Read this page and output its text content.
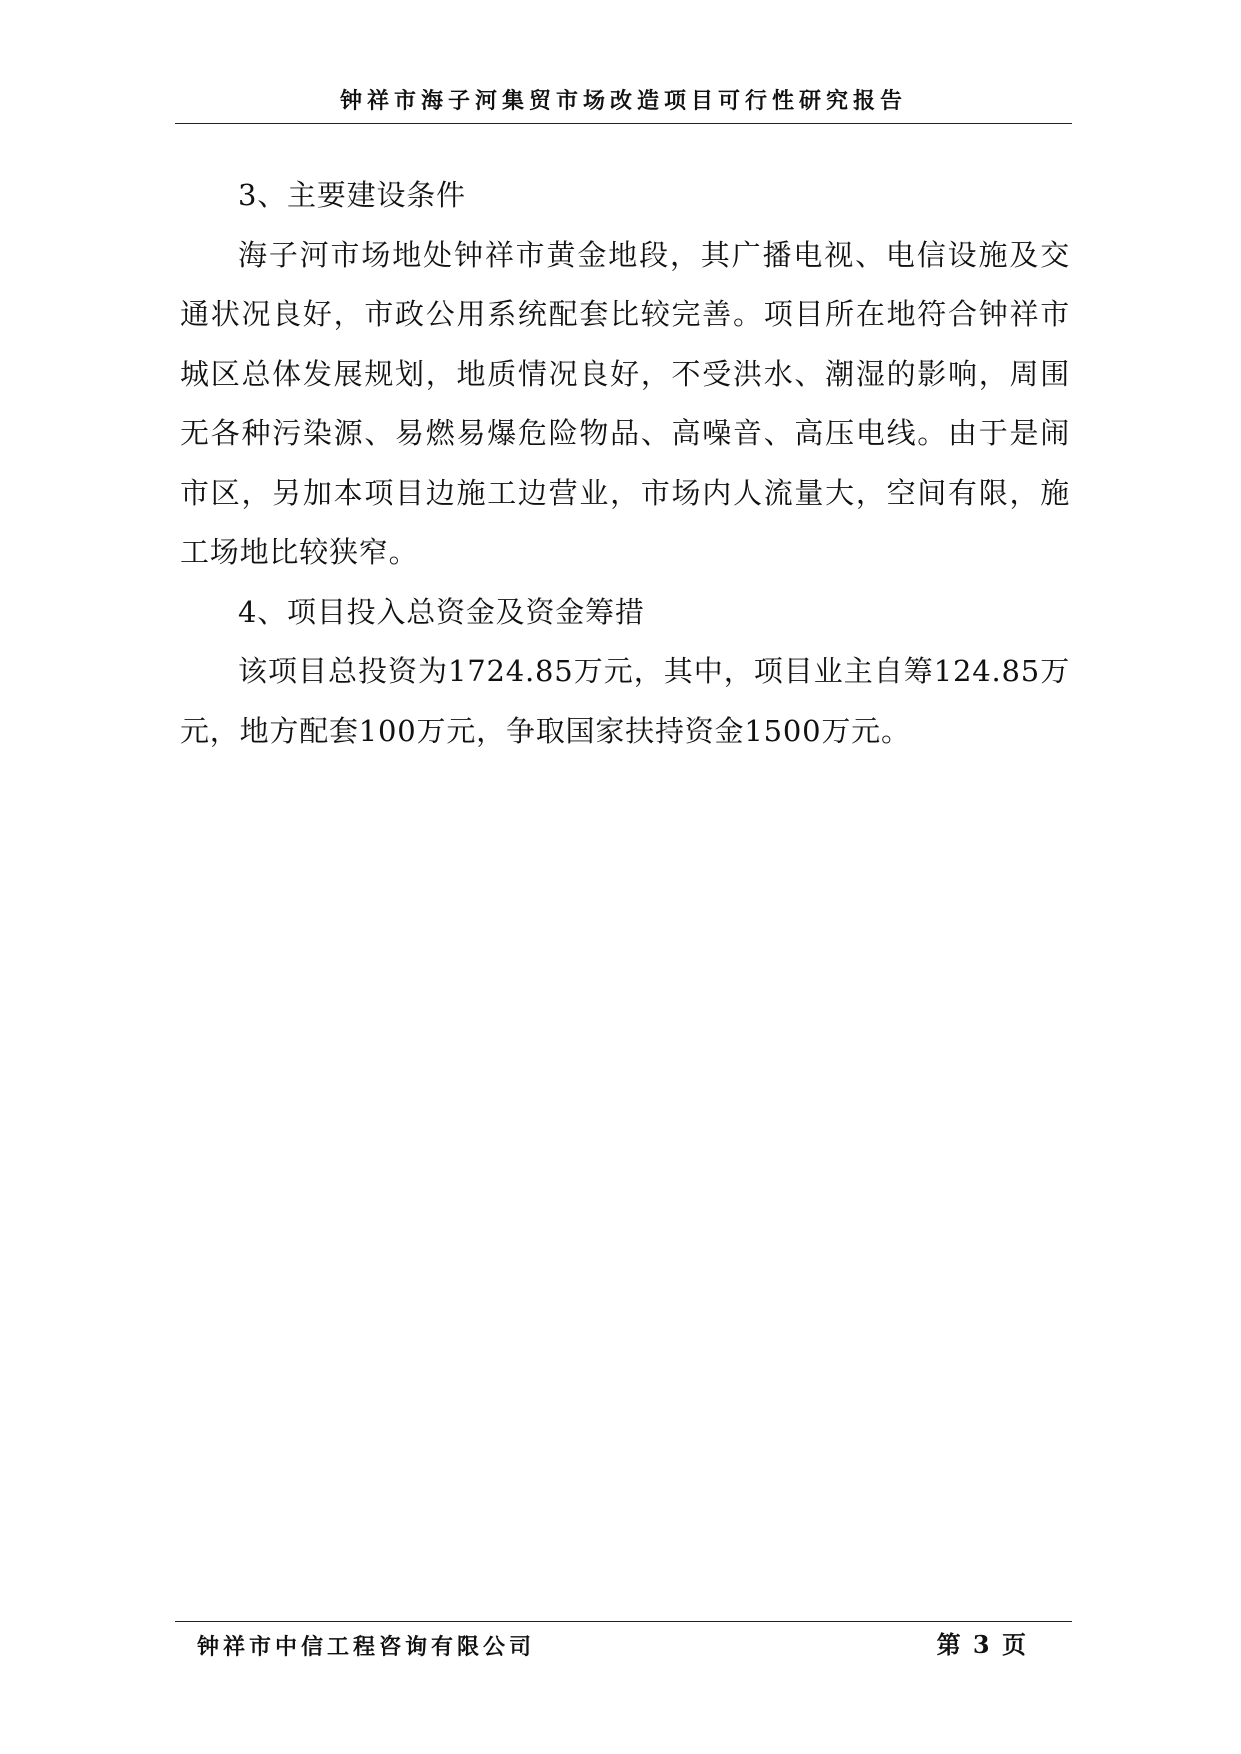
钟祥市海子河集贸市场改造项目可行性研究报告

3、主要建设条件

海子河市场地处钟祥市黄金地段，其广播电视、电信设施及交通状况良好，市政公用系统配套比较完善。项目所在地符合钟祥市城区总体发展规划，地质情况良好，不受洪水、潮湿的影响，周围无各种污染源、易燃易爆危险物品、高噪音、高压电线。由于是闹市区，另加本项目边施工边营业，市场内人流量大，空间有限，施工场地比较狭窄。

4、项目投入总资金及资金筹措

该项目总投资为1724.85万元，其中，项目业主自筹124.85万元，地方配套100万元，争取国家扶持资金1500万元。

钟祥市中信工程咨询有限公司	第 3 页
